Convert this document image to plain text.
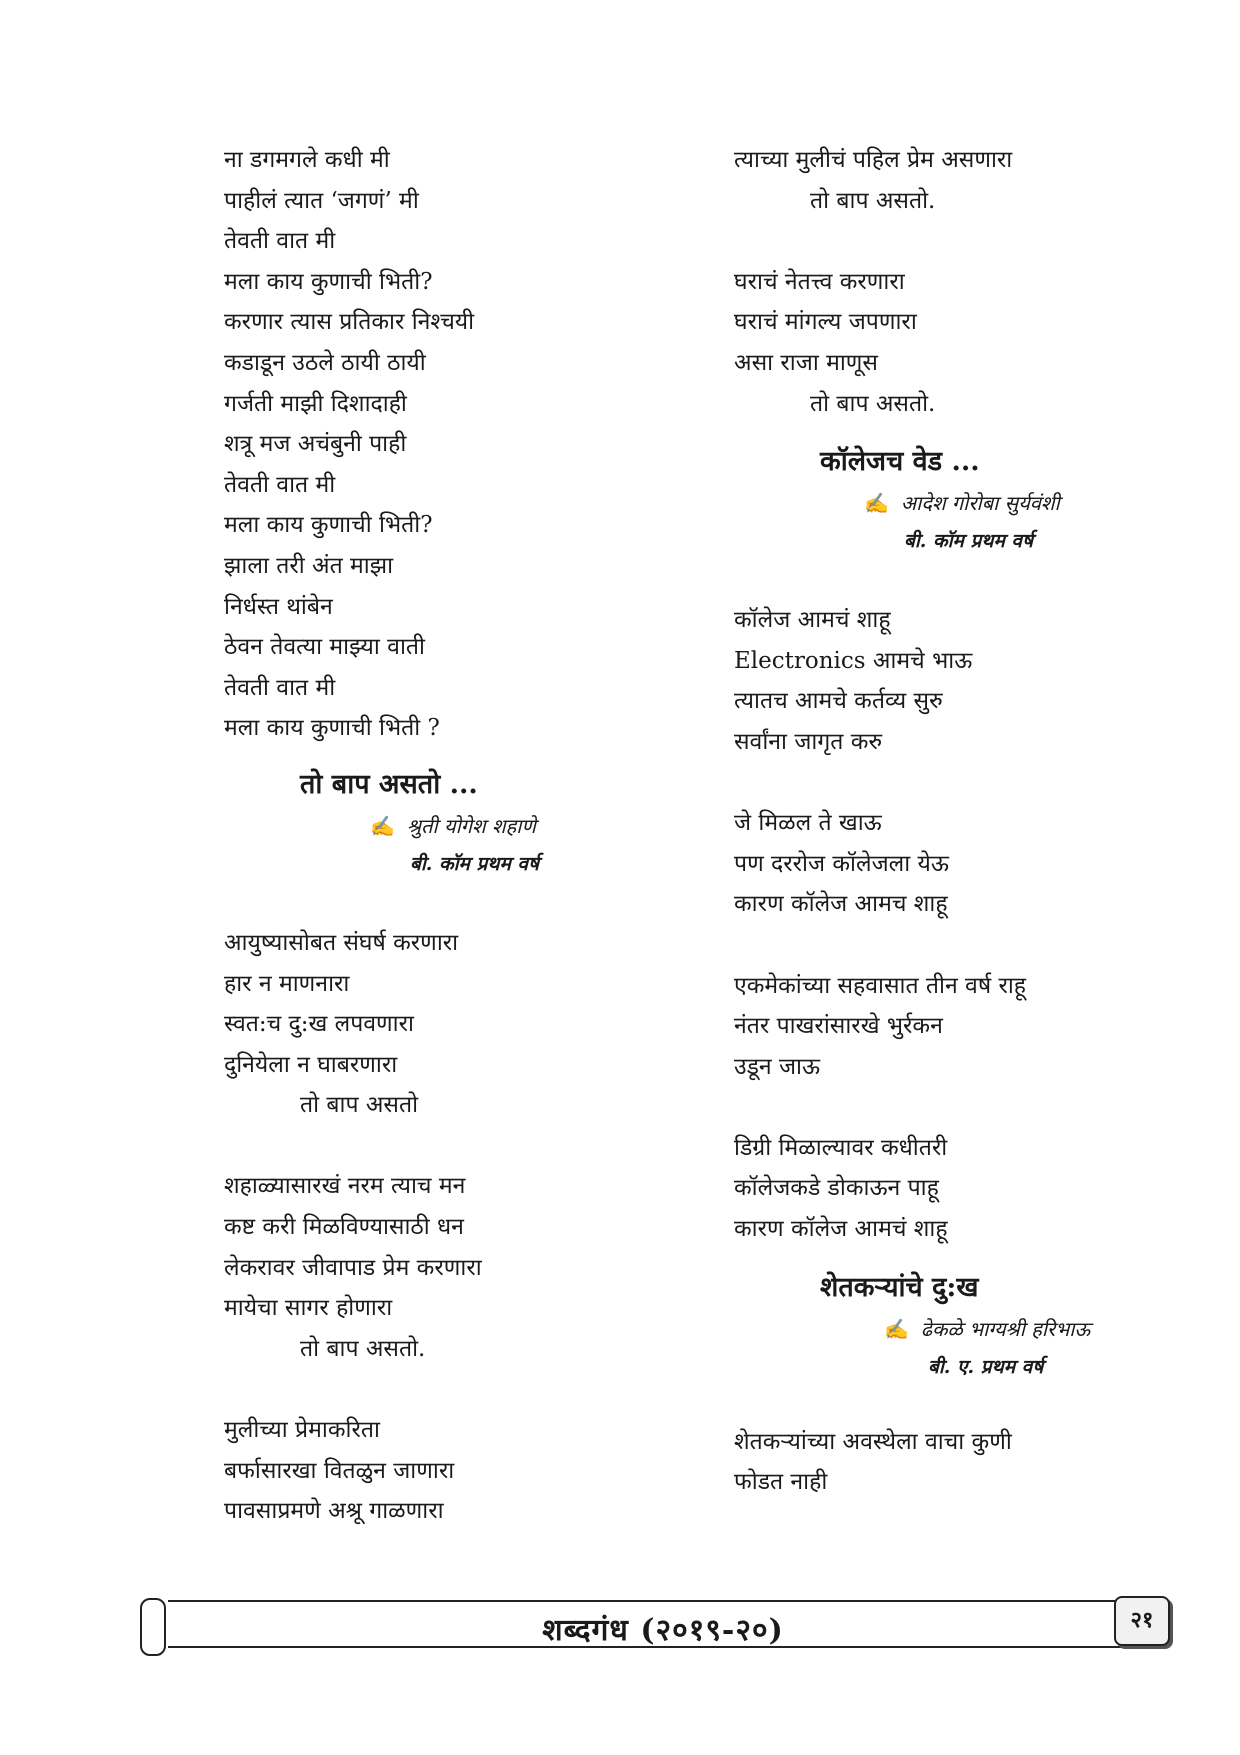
ना डगमगले कधी मी
पाहीलं त्यात ‘जगणं’ मी
तेवती वात मी
मला काय कुणाची भिती?
करणार त्यास प्रतिकार निश्चयी
कडाडून उठले ठायी ठायी
गर्जती माझी दिशादाही
शत्रू मज अचंबुनी पाही
तेवती वात मी
मला काय कुणाची भिती?
झाला तरी अंत माझा
निर्धस्त थांबेन
ठेवन तेवत्या माझ्या वाती
तेवती वात मी
मला काय कुणाची भिती ?
तो बाप असतो ...
✍ श्रुती योगेश शहाणे
बी. कॉम प्रथम वर्ष
आयुष्यासोबत संघर्ष करणारा
हार न माणनारा
स्वत:च दु:ख लपवणारा
दुनियेला न घाबरणारा
तो बाप असतो
शहाळ्यासारखं नरम त्याच मन
कष्ट करी मिळविण्यासाठी धन
लेकरावर जीवापाड प्रेम करणारा
मायेचा सागर होणारा
तो बाप असतो.
मुलीच्या प्रेमाकरिता
बर्फासारखा वितळुन जाणारा
पावसाप्रमणे अश्रू गाळणारा
त्याच्या मुलीचं पहिल प्रेम असणारा
तो बाप असतो.
घराचं नेतत्त्व करणारा
घराचं मांगल्य जपणारा
असा राजा माणूस
तो बाप असतो.
कॉलेजच वेड ...
✍ आदेश गोरोबा सुर्यवंशी
बी. कॉम प्रथम वर्ष
कॉलेज आमचं शाहू
Electronics आमचे भाऊ
त्यातच आमचे कर्तव्य सुरु
सर्वांना जागृत करु
जे मिळल ते खाऊ
पण दररोज कॉलेजला येऊ
कारण कॉलेज आमच शाहू
एकमेकांच्या सहवासात तीन वर्ष राहू
नंतर पाखरांसारखे भुर्रकन
उडून जाऊ
डिग्री मिळाल्यावर कधीतरी
कॉलेजकडे डोकाऊन पाहू
कारण कॉलेज आमचं शाहू
शेतकऱ्यांचे दु:ख
✍ ढेकळे भाग्यश्री हरिभाऊ
बी. ए. प्रथम वर्ष
शेतकऱ्यांच्या अवस्थेला वाचा कुणी
फोडत नाही
शब्दगंध (२०१९-२०)	२१
